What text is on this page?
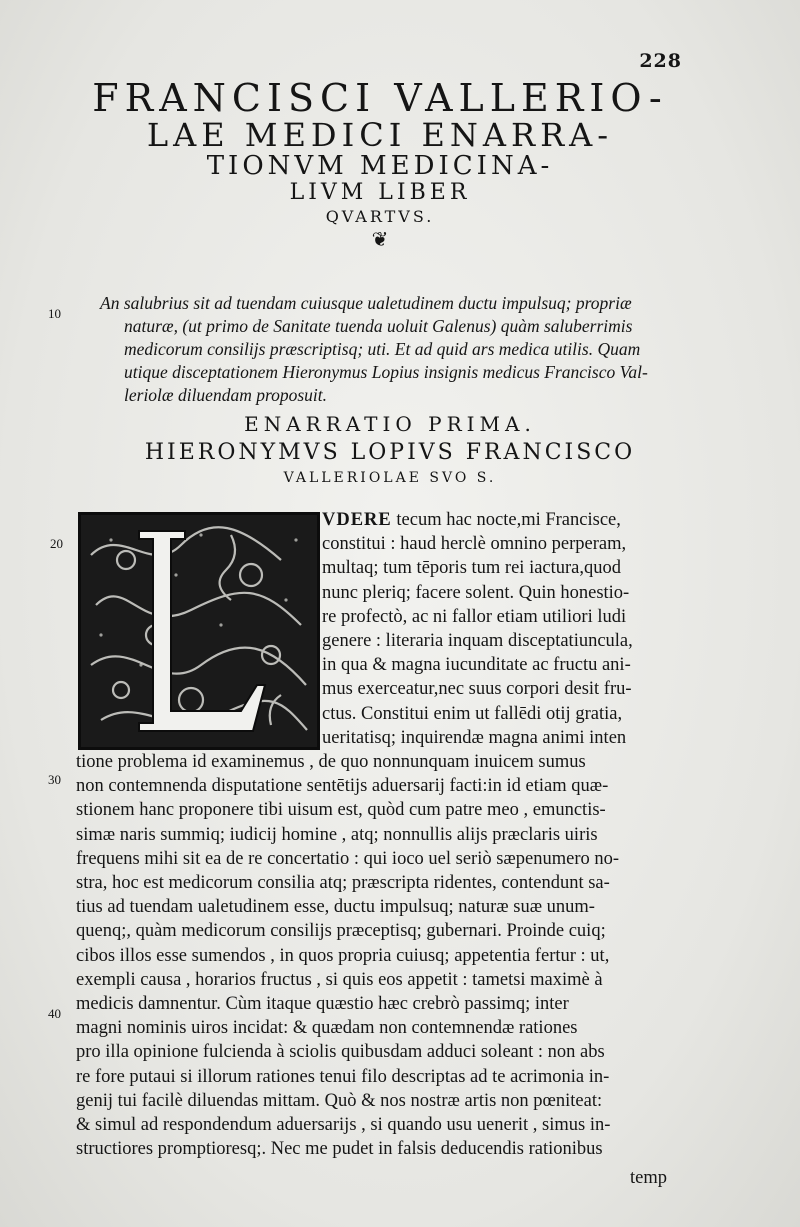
228
FRANCISCI VALLERIO-
LAE MEDICI ENARRA-
TIONVM MEDICINA-
LIVM LIBER
QVARTVS.
❦
10
An salubrius sit ad tuendam cuiusque ualetudinem ductu impulsuq; propriæ
naturæ, (ut primo de Sanitate tuenda uoluit Galenus) quàm saluberrimis
medicorum consilijs præscriptisq; uti. Et ad quid ars medica utilis. Quam
utique disceptationem Hieronymus Lopius insignis medicus Francisco Val-
leriolæ diluendam proposuit.
ENARRATIO PRIMA.
HIERONYMVS LOPIVS FRANCISCO
VALLERIOLAE SVO S.
20
VDERE tecum hac nocte,mi Francisce,
constitui : haud herclè omnino perperam,
multaq; tum tēporis tum rei iactura,quod
nunc pleriq; facere solent. Quin honestio-
re profectò, ac ni fallor etiam utiliori ludi
genere : literaria inquam disceptatiuncula,
in qua & magna iucunditate ac fructu ani-
mus exerceatur,nec suus corpori desit fru-
ctus. Constitui enim ut fallēdi otij gratia,
ueritatisq; inquirendæ magna animi inten
30
40
tione problema id examinemus , de quo nonnunquam inuicem sumus
non contemnenda disputatione sentētijs aduersarij facti:in id etiam quæ-
stionem hanc proponere tibi uisum est, quòd cum patre meo , emunctis-
simæ naris summiq; iudicij homine , atq; nonnullis alijs præclaris uiris
frequens mihi sit ea de re concertatio : qui ioco uel seriò sæpenumero no-
stra, hoc est medicorum consilia atq; præscripta ridentes, contendunt sa-
tius ad tuendam ualetudinem esse, ductu impulsuq; naturæ suæ unum-
quenq;, quàm medicorum consilijs præceptisq; gubernari. Proinde cuiq;
cibos illos esse sumendos , in quos propria cuiusq; appetentia fertur : ut,
exempli causa , horarios fructus , si quis eos appetit : tametsi maximè à
medicis damnentur. Cùm itaque quæstio hæc crebrò passimq; inter
magni nominis uiros incidat: & quædam non contemnendæ rationes
pro illa opinione fulcienda à sciolis quibusdam adduci soleant : non abs
re fore putaui si illorum rationes tenui filo descriptas ad te acrimonia in-
genij tui facilè diluendas mittam. Quò & nos nostræ artis non pœniteat:
& simul ad respondendum aduersarijs , si quando usu uenerit , simus in-
structiores promptioresq;. Nec me pudet in falsis deducendis rationibus
temp
